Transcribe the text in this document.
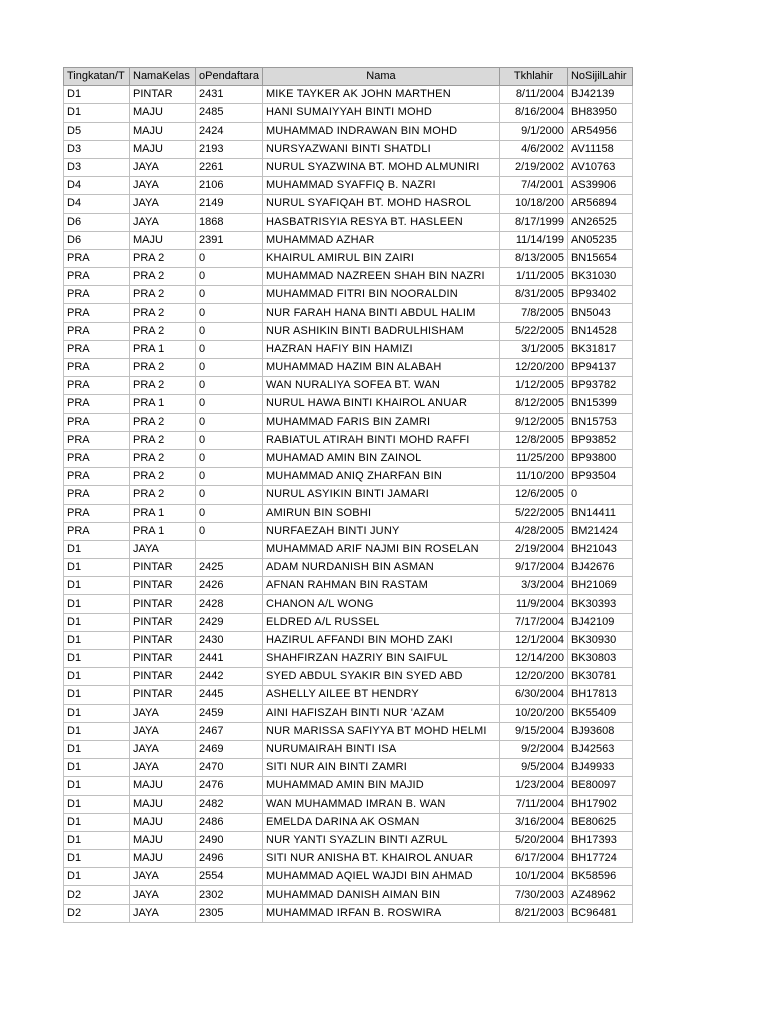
Tingkatan/T	NamaKelas	oPendaftara	Nama	Tkhlahir	NoSijilLahir
D1	PINTAR	2431	MIKE TAYKER AK JOHN MARTHEN	8/11/2004	BJ42139
D1	MAJU	2485	HANI SUMAIYYAH BINTI MOHD	8/16/2004	BH83950
D5	MAJU	2424	MUHAMMAD INDRAWAN BIN MOHD	9/1/2000	AR54956
D3	MAJU	2193	NURSYAZWANI BINTI SHATDLI	4/6/2002	AV11158
D3	JAYA	2261	NURUL SYAZWINA BT. MOHD ALMUNIRI	2/19/2002	AV10763
D4	JAYA	2106	MUHAMMAD SYAFFIQ B. NAZRI	7/4/2001	AS39906
D4	JAYA	2149	NURUL SYAFIQAH BT. MOHD HASROL	10/18/200	AR56894
D6	JAYA	1868	HASBATRISYIA RESYA BT. HASLEEN	8/17/1999	AN26525
D6	MAJU	2391	MUHAMMAD AZHAR	11/14/199	AN05235
PRA	PRA 2	0	KHAIRUL AMIRUL BIN ZAIRI	8/13/2005	BN15654
PRA	PRA 2	0	MUHAMMAD NAZREEN SHAH BIN NAZRI	1/11/2005	BK31030
PRA	PRA 2	0	MUHAMMAD FITRI BIN NOORALDIN	8/31/2005	BP93402
PRA	PRA 2	0	NUR FARAH HANA BINTI ABDUL HALIM	7/8/2005	BN5043
PRA	PRA 2	0	NUR ASHIKIN BINTI BADRULHISHAM	5/22/2005	BN14528
PRA	PRA 1	0	HAZRAN HAFIY BIN HAMIZI	3/1/2005	BK31817
PRA	PRA 2	0	MUHAMMAD HAZIM BIN ALABAH	12/20/200	BP94137
PRA	PRA 2	0	WAN NURALIYA SOFEA BT. WAN	1/12/2005	BP93782
PRA	PRA 1	0	NURUL HAWA BINTI KHAIROL ANUAR	8/12/2005	BN15399
PRA	PRA 2	0	MUHAMMAD FARIS BIN ZAMRI	9/12/2005	BN15753
PRA	PRA 2	0	RABIATUL ATIRAH BINTI MOHD RAFFI	12/8/2005	BP93852
PRA	PRA 2	0	MUHAMAD AMIN BIN ZAINOL	11/25/200	BP93800
PRA	PRA 2	0	MUHAMMAD ANIQ ZHARFAN BIN	11/10/200	BP93504
PRA	PRA 2	0	NURUL ASYIKIN BINTI JAMARI	12/6/2005	0
PRA	PRA 1	0	AMIRUN BIN SOBHI	5/22/2005	BN14411
PRA	PRA 1	0	NURFAEZAH BINTI JUNY	4/28/2005	BM21424
D1	JAYA		MUHAMMAD ARIF NAJMI BIN ROSELAN	2/19/2004	BH21043
D1	PINTAR	2425	ADAM NURDANISH BIN ASMAN	9/17/2004	BJ42676
D1	PINTAR	2426	AFNAN RAHMAN BIN RASTAM	3/3/2004	BH21069
D1	PINTAR	2428	CHANON A/L WONG	11/9/2004	BK30393
D1	PINTAR	2429	ELDRED A/L RUSSEL	7/17/2004	BJ42109
D1	PINTAR	2430	HAZIRUL AFFANDI BIN MOHD ZAKI	12/1/2004	BK30930
D1	PINTAR	2441	SHAHFIRZAN HAZRIY BIN SAIFUL	12/14/200	BK30803
D1	PINTAR	2442	SYED ABDUL SYAKIR BIN SYED ABD	12/20/200	BK30781
D1	PINTAR	2445	ASHELLY AILEE BT HENDRY	6/30/2004	BH17813
D1	JAYA	2459	AINI HAFISZAH BINTI NUR 'AZAM	10/20/200	BK55409
D1	JAYA	2467	NUR MARISSA SAFIYYA BT MOHD HELMI	9/15/2004	BJ93608
D1	JAYA	2469	NURUMAIRAH BINTI ISA	9/2/2004	BJ42563
D1	JAYA	2470	SITI NUR AIN BINTI ZAMRI	9/5/2004	BJ49933
D1	MAJU	2476	MUHAMMAD AMIN BIN MAJID	1/23/2004	BE80097
D1	MAJU	2482	WAN MUHAMMAD IMRAN B. WAN	7/11/2004	BH17902
D1	MAJU	2486	EMELDA DARINA AK OSMAN	3/16/2004	BE80625
D1	MAJU	2490	NUR YANTI SYAZLIN BINTI AZRUL	5/20/2004	BH17393
D1	MAJU	2496	SITI NUR ANISHA BT. KHAIROL ANUAR	6/17/2004	BH17724
D1	JAYA	2554	MUHAMMAD AQIEL WAJDI BIN AHMAD	10/1/2004	BK58596
D2	JAYA	2302	MUHAMMAD DANISH AIMAN BIN	7/30/2003	AZ48962
D2	JAYA	2305	MUHAMMAD IRFAN B. ROSWIRA	8/21/2003	BC96481
